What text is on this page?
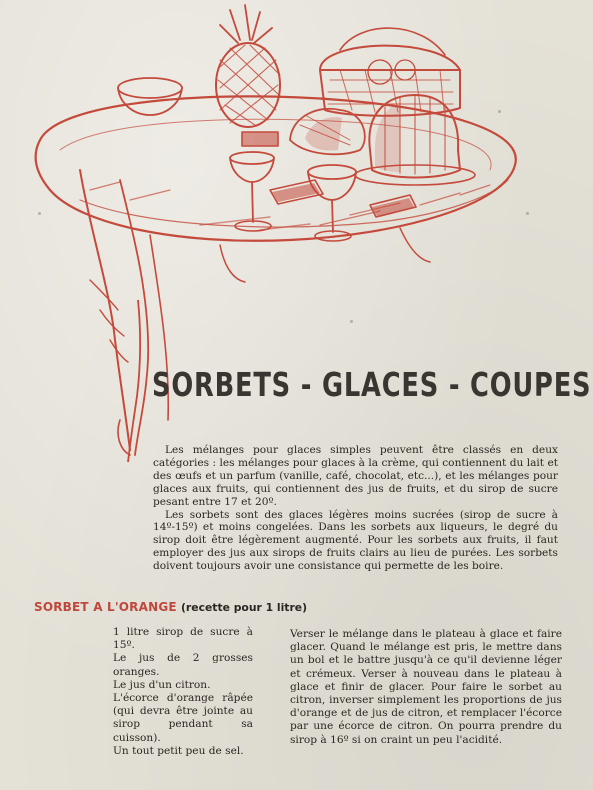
SORBETS - GLACES - COUPES

Les mélanges pour glaces simples peuvent être classés en deux catégories : les mélanges pour glaces à la crème, qui contiennent du lait et des œufs et un parfum (vanille, café, chocolat, etc...), et les mélanges pour glaces aux fruits, qui contiennent des jus de fruits, et du sirop de sucre pesant entre 17 et 20º.

Les sorbets sont des glaces légères moins sucrées (sirop de sucre à 14º-15º) et moins congelées. Dans les sorbets aux liqueurs, le degré du sirop doit être légèrement augmenté. Pour les sorbets aux fruits, il faut employer des jus aux sirops de fruits clairs au lieu de purées. Les sorbets doivent toujours avoir une consistance qui permette de les boire.

SORBET A L'ORANGE (recette pour 1 litre)
1 litre sirop de sucre à 15º.
Le jus de 2 grosses oranges.
Le jus d'un citron.
L'écorce d'orange râpée (qui devra être jointe au sirop pendant sa cuisson).
Un tout petit peu de sel.

Verser le mélange dans le plateau à glace et faire glacer. Quand le mélange est pris, le mettre dans un bol et le battre jusqu'à ce qu'il devienne léger et crémeux. Verser à nouveau dans le plateau à glace et finir de glacer. Pour faire le sorbet au citron, inverser simplement les proportions de jus d'orange et de jus de citron, et remplacer l'écorce par une écorce de citron. On pourra prendre du sirop à 16º si on craint un peu l'acidité.
